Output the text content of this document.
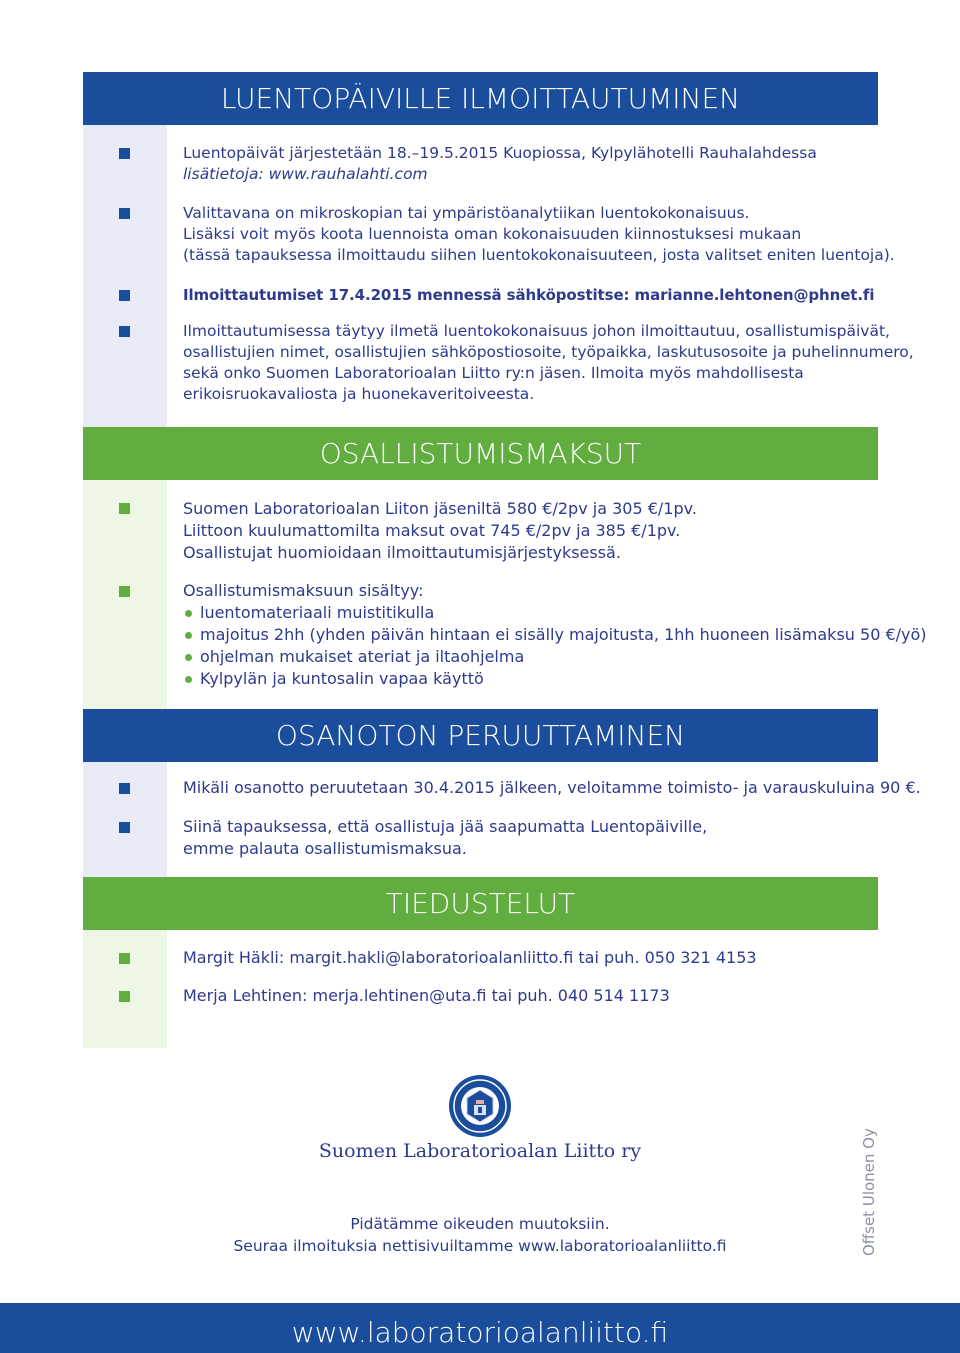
LUENTOPÄIVILLE ILMOITTAUTUMINEN
Luentopäivät järjestetään 18.–19.5.2015 Kuopiossa, Kylpylähotelli Rauhalahdessa
lisätietoja: www.rauhalahti.com
Valittavana on mikroskopian tai ympäristöanalytiikan luentokokonaisuus.
Lisäksi voit myös koota luennoista oman kokonaisuuden kiinnostuksesi mukaan
(tässä tapauksessa ilmoittaudu siihen luentokokonaisuuteen, josta valitset eniten luentoja).
Ilmoittautumiset 17.4.2015 mennessä sähköpostitse: marianne.lehtonen@phnet.fi
Ilmoittautumisessa täytyy ilmetä luentokokonaisuus johon ilmoittautuu, osallistumispäivät,
osallistujien nimet, osallistujien sähköpostiosoite, työpaikka, laskutusosoite ja puhelinnumero,
sekä onko Suomen Laboratorioalan Liitto ry:n jäsen. Ilmoita myös mahdollisesta
erikoisruokavaliosta ja huonekaveritoiveesta.
OSALLISTUMISMAKSUT
Suomen Laboratorioalan Liiton jäseniltä 580 €/2pv ja 305 €/1pv.
Liittoon kuulumattomilta maksut ovat 745 €/2pv ja 385 €/1pv.
Osallistujat huomioidaan ilmoittautumisjärjestyksessä.
Osallistumismaksuun sisältyy:
luentomateriaali muistitikulla
majoitus 2hh (yhden päivän hintaan ei sisälly majoitusta, 1hh huoneen lisämaksu 50 €/yö)
ohjelman mukaiset ateriat ja iltaohjelma
Kylpylän ja kuntosalin vapaa käyttö
OSANOTON PERUUTTAMINEN
Mikäli osanotto peruutetaan 30.4.2015 jälkeen, veloitamme toimisto- ja varauskuluina 90 €.
Siinä tapauksessa, että osallistuja jää saapumatta Luentopäiville,
emme palauta osallistumismaksua.
TIEDUSTELUT
Margit Häkli: margit.hakli@laboratorioalanliitto.fi tai puh. 050 321 4153
Merja Lehtinen: merja.lehtinen@uta.fi tai puh. 040 514 1173
Suomen Laboratorioalan Liitto ry
Pidätämme oikeuden muutoksiin.
Seuraa ilmoituksia nettisivuiltamme www.laboratorioalanliitto.fi	Offset Ulonen Oy
www.laboratorioalanliitto.fi
